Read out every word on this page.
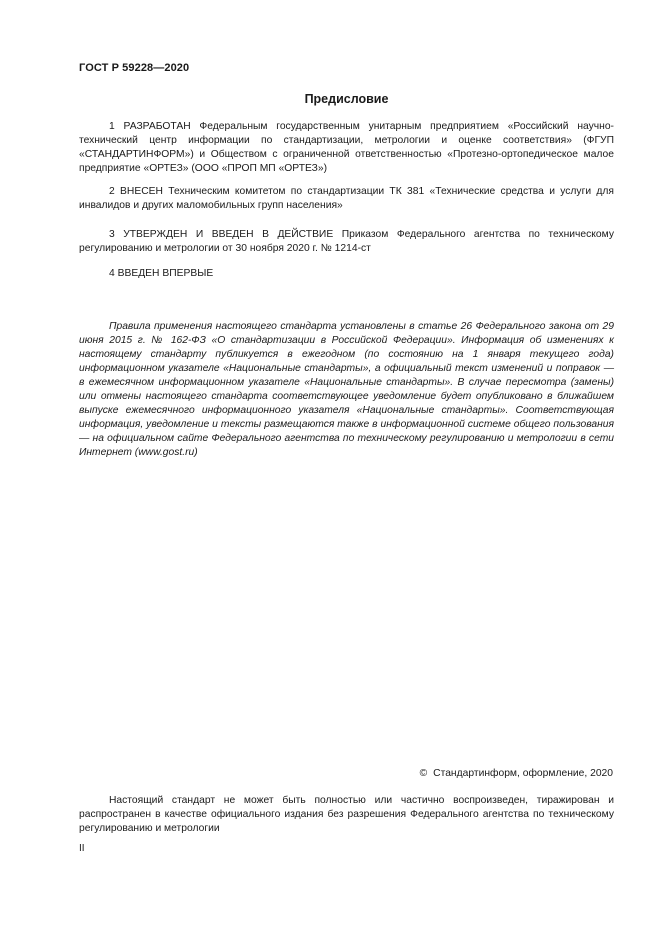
ГОСТ Р 59228—2020
Предисловие
1 РАЗРАБОТАН Федеральным государственным унитарным предприятием «Российский научно-технический центр информации по стандартизации, метрологии и оценке соответствия» (ФГУП «СТАНДАРТИНФОРМ») и Обществом с ограниченной ответственностью «Протезно-ортопедическое малое предприятие «ОРТЕЗ» (ООО «ПРОП МП «ОРТЕЗ»)
2 ВНЕСЕН Техническим комитетом по стандартизации ТК 381 «Технические средства и услуги для инвалидов и других маломобильных групп населения»
3 УТВЕРЖДЕН И ВВЕДЕН В ДЕЙСТВИЕ Приказом Федерального агентства по техническому регулированию и метрологии от 30 ноября 2020 г. № 1214-ст
4 ВВЕДЕН ВПЕРВЫЕ
Правила применения настоящего стандарта установлены в статье 26 Федерального закона от 29 июня 2015 г. № 162-ФЗ «О стандартизации в Российской Федерации». Информация об изменениях к настоящему стандарту публикуется в ежегодном (по состоянию на 1 января текущего года) информационном указателе «Национальные стандарты», а официальный текст изменений и поправок — в ежемесячном информационном указателе «Национальные стандарты». В случае пересмотра (замены) или отмены настоящего стандарта соответствующее уведомление будет опубликовано в ближайшем выпуске ежемесячного информационного указателя «Национальные стандарты». Соответствующая информация, уведомление и тексты размещаются также в информационной системе общего пользования — на официальном сайте Федерального агентства по техническому регулированию и метрологии в сети Интернет (www.gost.ru)
© Стандартинформ, оформление, 2020
Настоящий стандарт не может быть полностью или частично воспроизведен, тиражирован и распространен в качестве официального издания без разрешения Федерального агентства по техническому регулированию и метрологии
II
